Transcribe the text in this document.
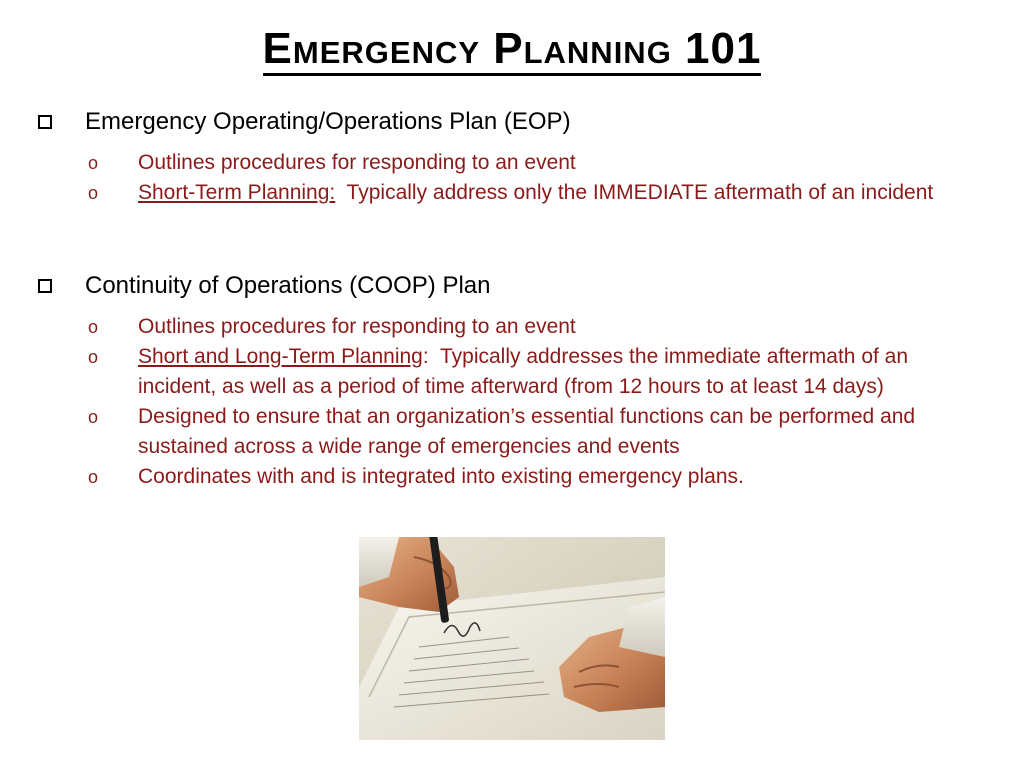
Emergency Planning 101
Emergency Operating/Operations Plan (EOP)
o	Outlines procedures for responding to an event
o	Short-Term Planning:  Typically address only the IMMEDIATE aftermath of an incident
Continuity of Operations (COOP) Plan
o	Outlines procedures for responding to an event
o	Short and Long-Term Planning:  Typically addresses the immediate aftermath of an incident, as well as a period of time afterward (from 12 hours to at least 14 days)
o	Designed to ensure that an organization’s essential functions can be performed and sustained across a wide range of emergencies and events
o	Coordinates with and is integrated into existing emergency plans.
